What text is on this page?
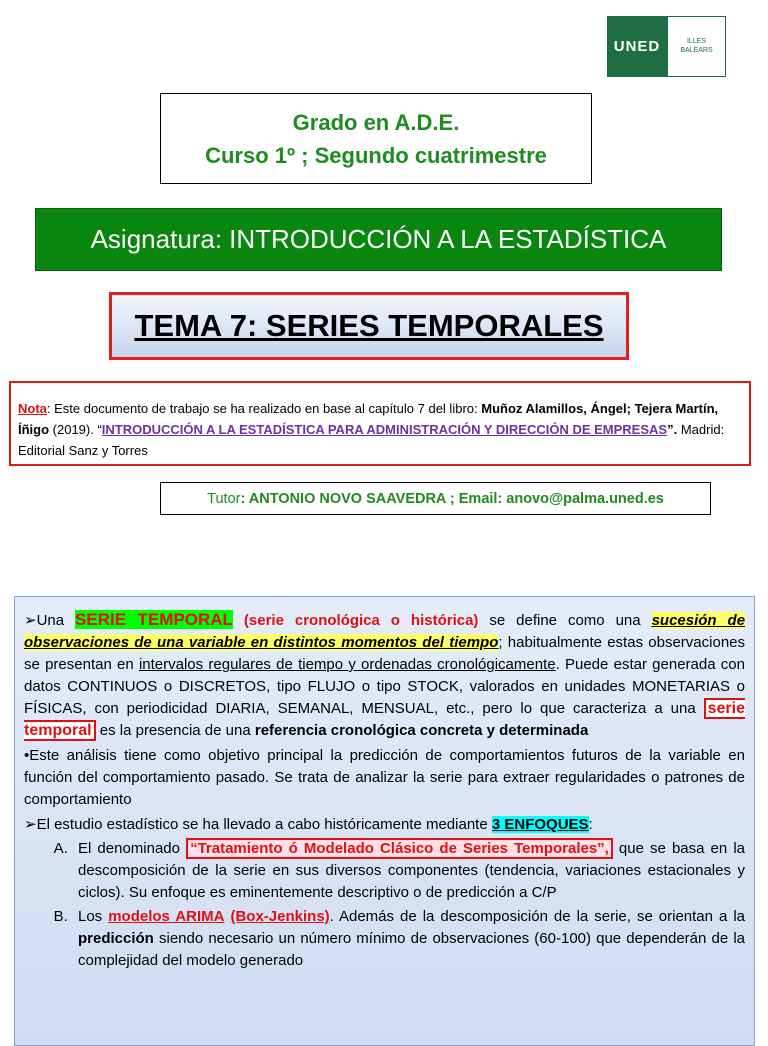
UNED	ILLES
BALEARS
Grado en A.D.E.
Curso 1º ; Segundo cuatrimestre
Asignatura: INTRODUCCIÓN A LA ESTADÍSTICA
TEMA 7: SERIES TEMPORALES
Nota: Este documento de trabajo se ha realizado en base al capítulo 7 del libro: Muñoz Alamillos, Ángel; Tejera Martín, Íñigo (2019). “INTRODUCCIÓN A LA ESTADÍSTICA PARA ADMINISTRACIÓN Y DIRECCIÓN DE EMPRESAS”. Madrid: Editorial Sanz y Torres
Tutor : ANTONIO NOVO SAAVEDRA ; Email: anovo@palma.uned.es

➢Una SERIE TEMPORAL (serie cronológica o histórica) se define como una sucesión de observaciones de una variable en distintos momentos del tiempo; habitualmente estas observaciones se presentan en intervalos regulares de tiempo y ordenadas cronológicamente. Puede estar generada con datos CONTINUOS o DISCRETOS, tipo FLUJO o tipo STOCK, valorados en unidades MONETARIAS o FÍSICAS, con periodicidad DIARIA, SEMANAL, MENSUAL, etc., pero lo que caracteriza a una serie temporal es la presencia de una referencia cronológica concreta y determinada

•Este análisis tiene como objetivo principal la predicción de comportamientos futuros de la variable en función del comportamiento pasado. Se trata de analizar la serie para extraer regularidades o patrones de comportamiento

➢El estudio estadístico se ha llevado a cabo históricamente mediante 3 ENFOQUES:

A. El denominado “Tratamiento ó Modelado Clásico de Series Temporales”, que se basa en la descomposición de la serie en sus diversos componentes (tendencia, variaciones estacionales y ciclos). Su enfoque es eminentemente descriptivo o de predicción a C/P
B. Los modelos ARIMA (Box-Jenkins). Además de la descomposición de la serie, se orientan a la predicción siendo necesario un número mínimo de observaciones (60-100) que dependerán de la complejidad del modelo generado
